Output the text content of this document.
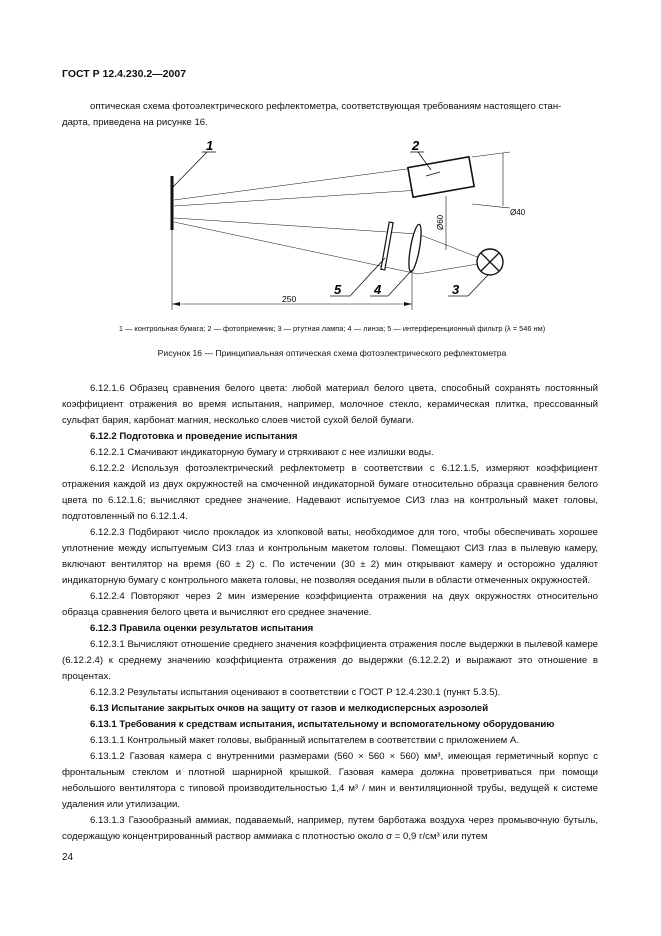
ГОСТ Р 12.4.230.2—2007
оптическая схема фотоэлектрического рефлектометра, соответствующая требованиям настоящего стан-
дарта, приведена на рисунке 16.
1	2
Ø40
Ø60
250
5	4	3
1 — контрольная бумага; 2 — фотоприемник; 3 — ртутная лампа; 4 — линза; 5 — интерференционный фильтр (λ = 546 нм)
Рисунок 16 — Принципиальная оптическая схема фотоэлектрического рефлектометра

6.12.1.6 Образец сравнения белого цвета: любой материал белого цвета, способный сохранять постоянный коэффициент отражения во время испытания, например, молочное стекло, керамическая плитка, прессованный сульфат бария, карбонат магния, несколько слоев чистой сухой белой бумаги.

6.12.2 Подготовка и проведение испытания

6.12.2.1 Смачивают индикаторную бумагу и стряхивают с нее излишки воды.

6.12.2.2 Используя фотоэлектрический рефлектометр в соответствии с 6.12.1.5, измеряют коэффициент отражения каждой из двух окружностей на смоченной индикаторной бумаге относительно образца сравнения белого цвета по 6.12.1.6; вычисляют среднее значение. Надевают испытуемое СИЗ глаз на контрольный макет головы, подготовленный по 6.12.1.4.

6.12.2.3 Подбирают число прокладок из хлопковой ваты, необходимое для того, чтобы обеспечивать хорошее уплотнение между испытуемым СИЗ глаз и контрольным макетом головы. Помещают СИЗ глаз в пылевую камеру, включают вентилятор на время (60 ± 2) с. По истечении (30 ± 2) мин открывают камеру и осторожно удаляют индикаторную бумагу с контрольного макета головы, не позволяя оседания пыли в области отмеченных окружностей.

6.12.2.4 Повторяют через 2 мин измерение коэффициента отражения на двух окружностях относительно образца сравнения белого цвета и вычисляют его среднее значение.

6.12.3 Правила оценки результатов испытания

6.12.3.1 Вычисляют отношение среднего значения коэффициента отражения после выдержки в пылевой камере (6.12.2.4) к среднему значению коэффициента отражения до выдержки (6.12.2.2) и выражают это отношение в процентах.

6.12.3.2 Результаты испытания оценивают в соответствии с ГОСТ Р 12.4.230.1 (пункт 5.3.5).

6.13 Испытание закрытых очков на защиту от газов и мелкодисперсных аэрозолей

6.13.1 Требования к средствам испытания, испытательному и вспомогательному оборудованию

6.13.1.1 Контрольный макет головы, выбранный испытателем в соответствии с приложением А.

6.13.1.2 Газовая камера с внутренними размерами (560 × 560 × 560) мм³, имеющая герметичный корпус с фронтальным стеклом и плотной шарнирной крышкой. Газовая камера должна проветриваться при помощи небольшого вентилятора с типовой производительностью 1,4 м³ / мин и вентиляционной трубы, ведущей к системе удаления или утилизации.

6.13.1.3 Газообразный аммиак, подаваемый, например, путем барботажа воздуха через промывочную бутыль, содержащую концентрированный раствор аммиака с плотностью около σ = 0,9 г/см³ или путем

24
